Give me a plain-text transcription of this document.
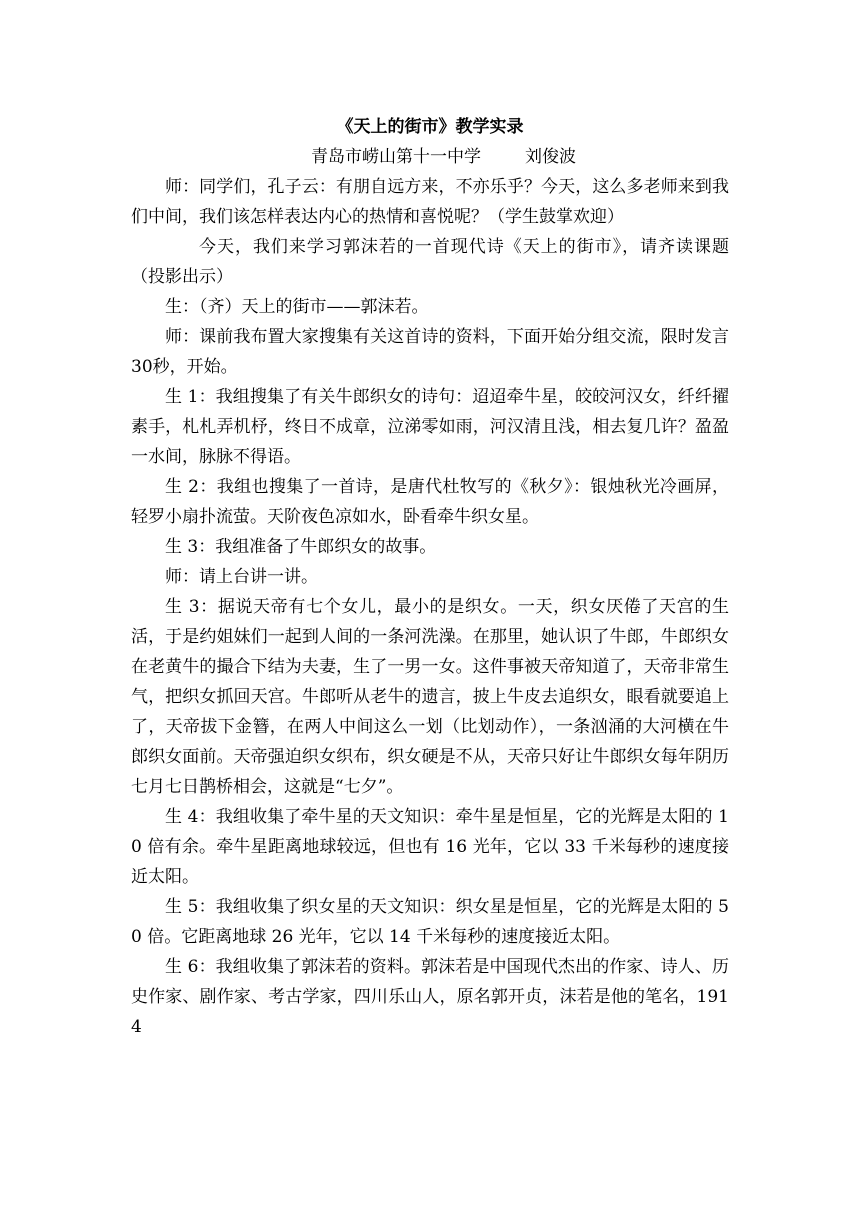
《天上的街市》教学实录
青岛市崂山第十一中学	刘俊波

师：同学们，孔子云：有朋自远方来，不亦乐乎？今天，这么多老师来到我们中间，我们该怎样表达内心的热情和喜悦呢？（学生鼓掌欢迎）

今天，我们来学习郭沫若的一首现代诗《天上的街市》，请齐读课题（投影出示）

生：（齐）天上的街市——郭沫若。

师：课前我布置大家搜集有关这首诗的资料，下面开始分组交流，限时发言30秒，开始。

生 1：我组搜集了有关牛郎织女的诗句：迢迢牵牛星，皎皎河汉女，纤纤擢素手，札札弄机杼，终日不成章，泣涕零如雨，河汉清且浅，相去复几许？盈盈一水间，脉脉不得语。

生 2：我组也搜集了一首诗，是唐代杜牧写的《秋夕》：银烛秋光冷画屏，轻罗小扇扑流萤。天阶夜色凉如水，卧看牵牛织女星。

生 3：我组准备了牛郎织女的故事。

师：请上台讲一讲。

生 3：据说天帝有七个女儿，最小的是织女。一天，织女厌倦了天宫的生活，于是约姐妹们一起到人间的一条河洗澡。在那里，她认识了牛郎，牛郎织女在老黄牛的撮合下结为夫妻，生了一男一女。这件事被天帝知道了，天帝非常生气，把织女抓回天宫。牛郎听从老牛的遗言，披上牛皮去追织女，眼看就要追上了，天帝拔下金簪，在两人中间这么一划（比划动作），一条汹涌的大河横在牛郎织女面前。天帝强迫织女织布，织女硬是不从，天帝只好让牛郎织女每年阴历七月七日鹊桥相会，这就是“七夕”。

生 4：我组收集了牵牛星的天文知识：牵牛星是恒星，它的光辉是太阳的 10 倍有余。牵牛星距离地球较远，但也有 16 光年，它以 33 千米每秒的速度接近太阳。

生 5：我组收集了织女星的天文知识：织女星是恒星，它的光辉是太阳的 50 倍。它距离地球 26 光年，它以 14 千米每秒的速度接近太阳。

生 6：我组收集了郭沫若的资料。郭沫若是中国现代杰出的作家、诗人、历史作家、剧作家、考古学家，四川乐山人，原名郭开贞，沫若是他的笔名，1914
